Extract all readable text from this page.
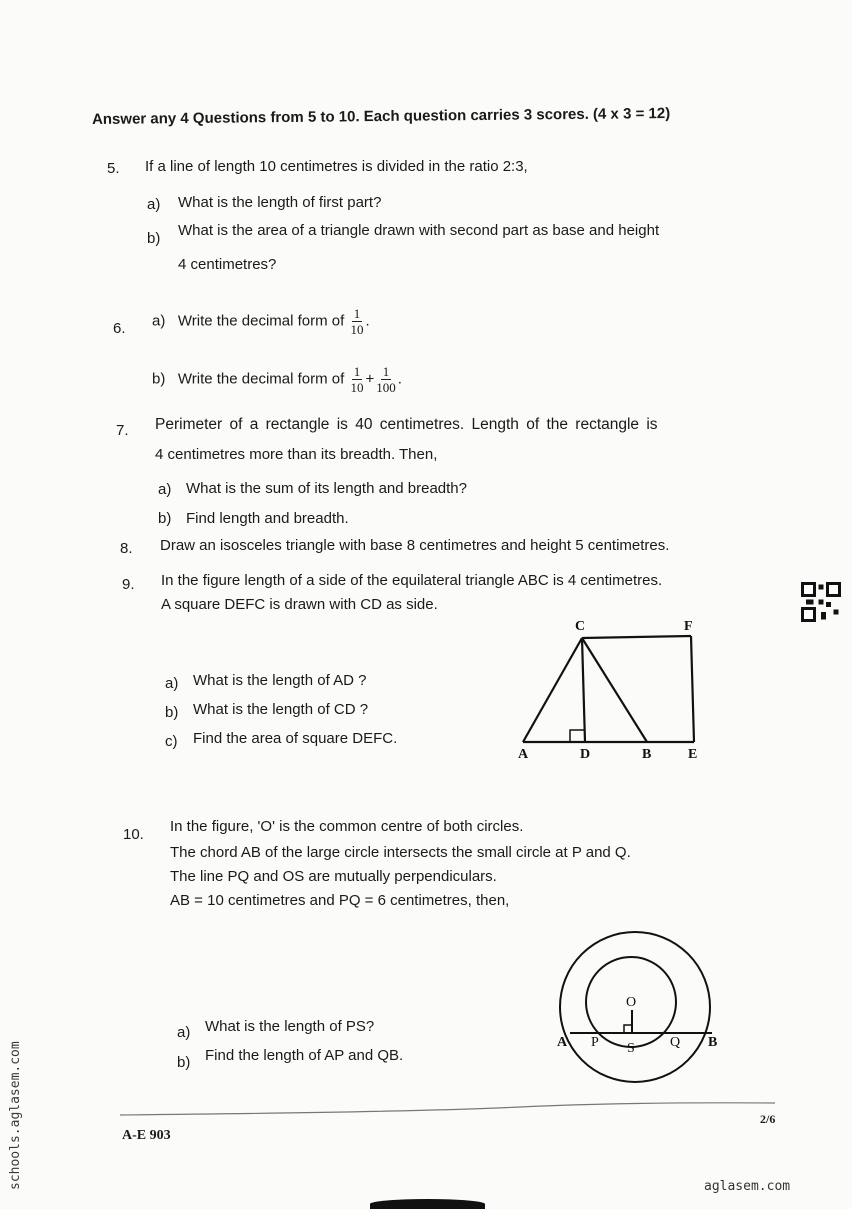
Answer any 4 Questions from 5 to 10. Each question carries 3 scores. (4 x 3 = 12)
5. If a line of length 10 centimetres is divided in the ratio 2:3,
a) What is the length of first part?
b) What is the area of a triangle drawn with second part as base and height
4 centimetres?
6. a) Write the decimal form of $\frac{1}{10}$ .
b) Write the decimal form of $\frac{1}{10} + \frac{1}{100}$ .
7. Perimeter of a rectangle is 40 centimetres. Length of the rectangle is
4 centimetres more than its breadth. Then,
a) What is the sum of its length and breadth?
b) Find length and breadth.
8. Draw an isosceles triangle with base 8 centimetres and height 5 centimetres.
9. In the figure length of a side of the equilateral triangle ABC is 4 centimetres.
A square DEFC is drawn with CD as side.
a) What is the length of AD ?
b) What is the length of CD ?
c) Find the area of square DEFC.
C	F
A	D	B	E
10. In the figure, 'O' is the common centre of both circles.
The chord AB of the large circle intersects the small circle at P and Q.
The line PQ and OS are mutually perpendiculars.
AB = 10 centimetres and PQ = 6 centimetres, then,
a) What is the length of PS?
b) Find the length of AP and QB.
O
A P S	Q B
2/6
A-E 903
schools.aglasem.com	aglasem.com
